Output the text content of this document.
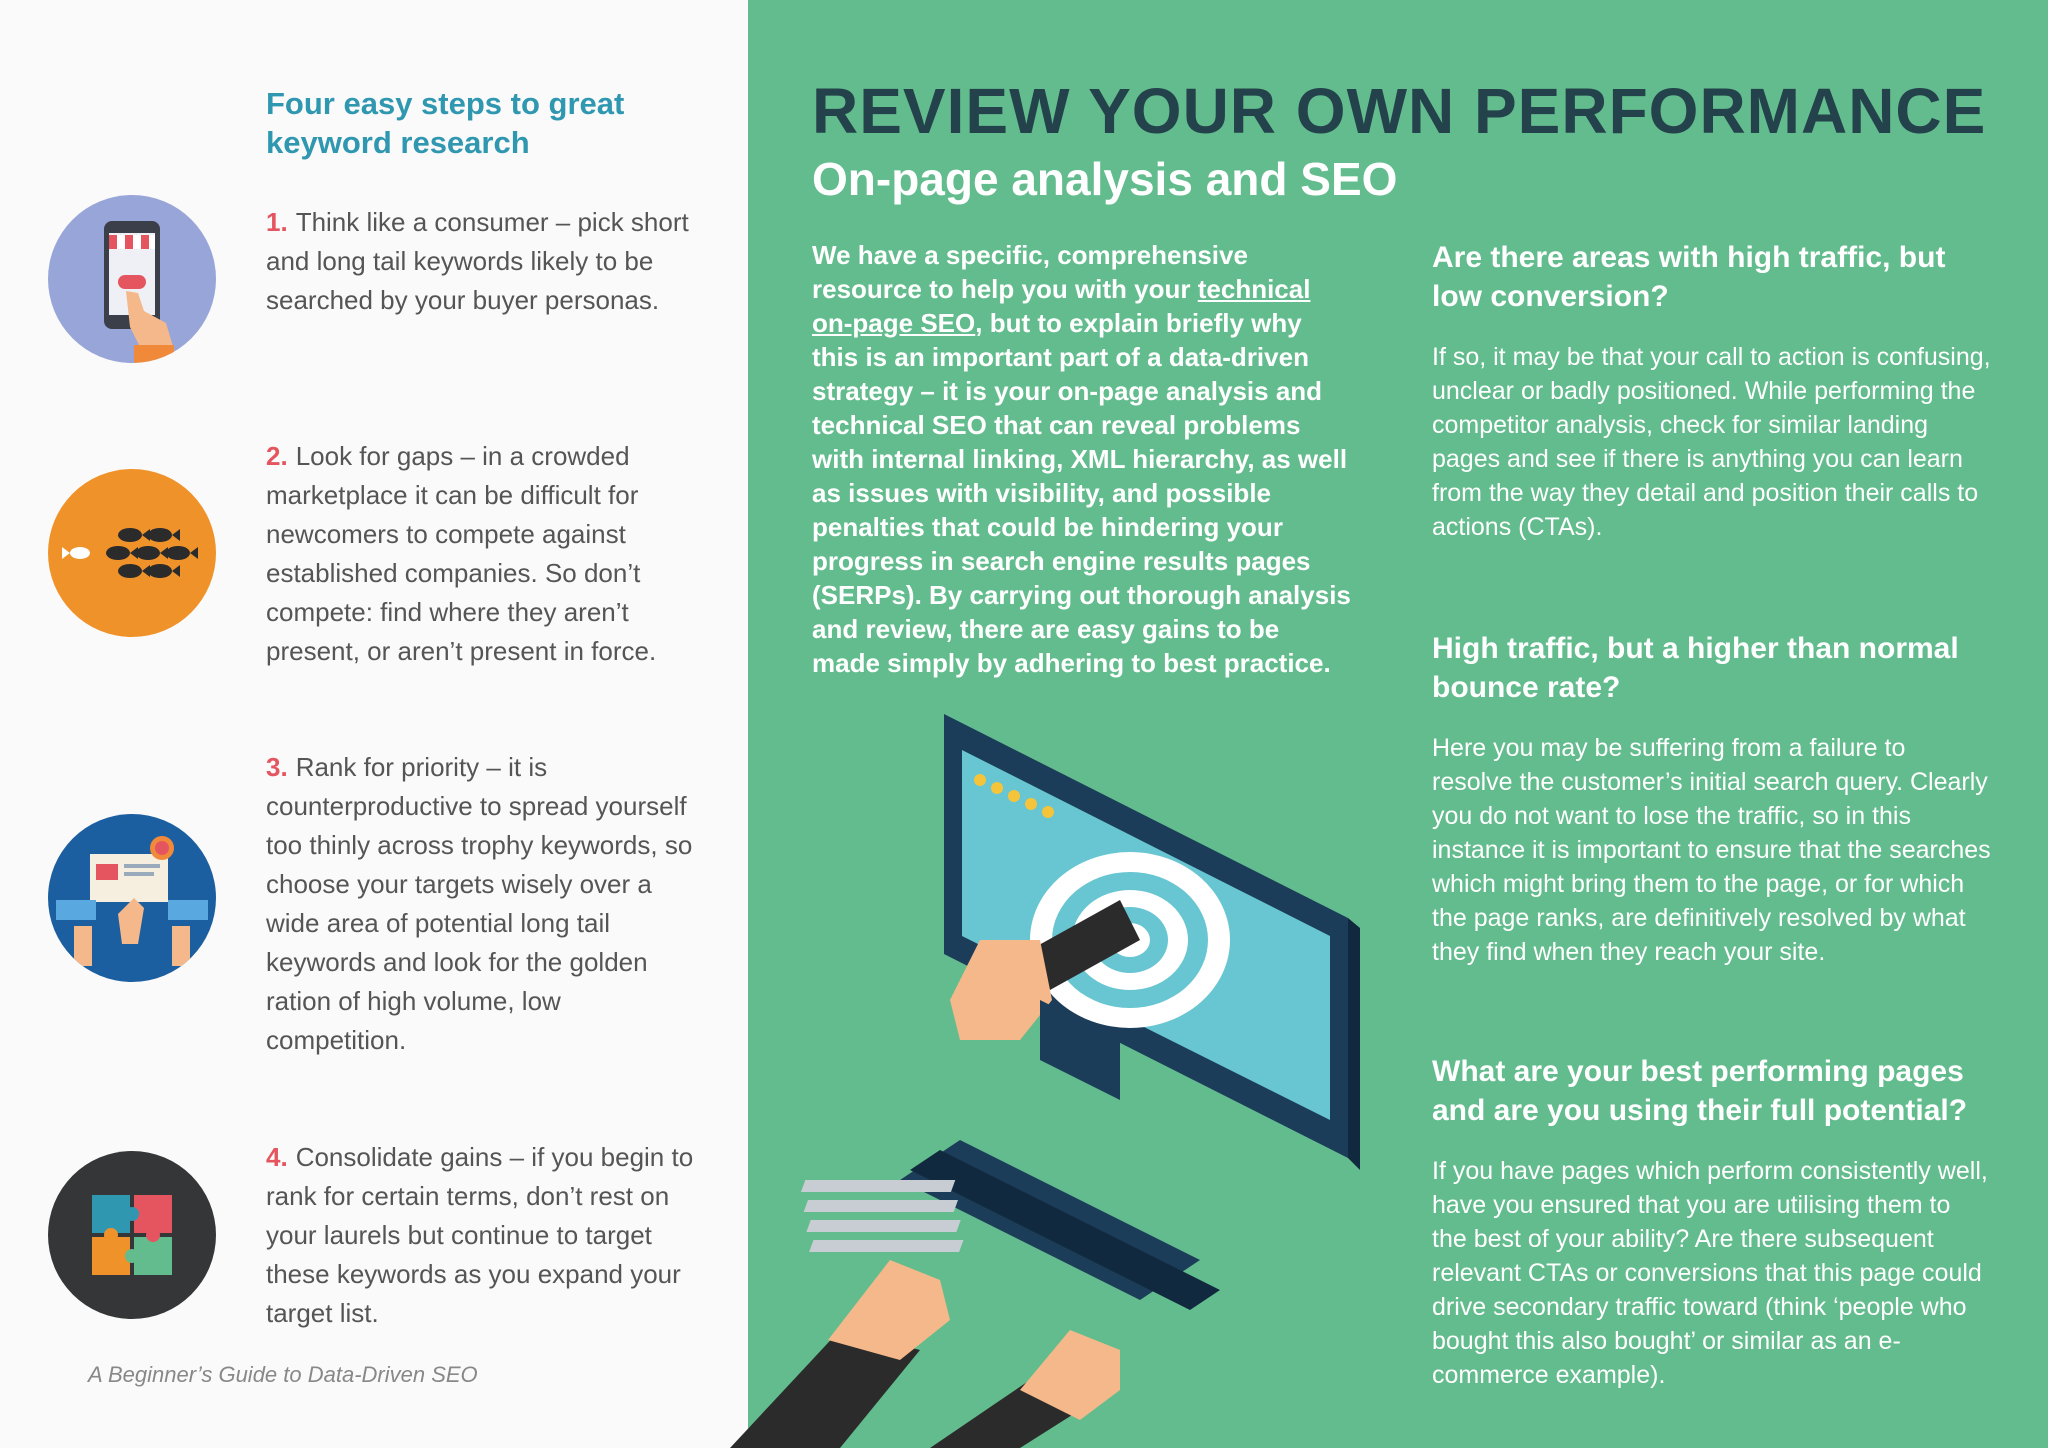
Four easy steps to great keyword research
1. Think like a consumer – pick short and long tail keywords likely to be searched by your buyer personas.
2. Look for gaps – in a crowded marketplace it can be difficult for newcomers to compete against established companies. So don’t compete: find where they aren’t present, or aren’t present in force.
3. Rank for priority – it is counterproductive to spread yourself too thinly across trophy keywords, so choose your targets wisely over a wide area of potential long tail keywords and look for the golden ration of high volume, low competition.
4. Consolidate gains – if you begin to rank for certain terms, don’t rest on your laurels but continue to target these keywords as you expand your target list.
A Beginner’s Guide to Data-Driven SEO
REVIEW YOUR OWN PERFORMANCE
On-page analysis and SEO
We have a specific, comprehensive resource to help you with your technical on-page SEO, but to explain briefly why this is an important part of a data-driven strategy – it is your on-page analysis and technical SEO that can reveal problems with internal linking, XML hierarchy, as well as issues with visibility, and possible penalties that could be hindering your progress in search engine results pages (SERPs). By carrying out thorough analysis and review, there are easy gains to be made simply by adhering to best practice.
Are there areas with high traffic, but low conversion?

If so, it may be that your call to action is confusing, unclear or badly positioned. While performing the competitor analysis, check for similar landing pages and see if there is anything you can learn from the way they detail and position their calls to actions (CTAs).

High traffic, but a higher than normal bounce rate?

Here you may be suffering from a failure to resolve the customer’s initial search query. Clearly you do not want to lose the traffic, so in this instance it is important to ensure that the searches which might bring them to the page, or for which the page ranks, are definitively resolved by what they find when they reach your site.

What are your best performing pages and are you using their full potential?

If you have pages which perform consistently well, have you ensured that you are utilising them to the best of your ability? Are there subsequent relevant CTAs or conversions that this page could drive secondary traffic toward (think ‘people who bought this also bought’ or similar as an e-commerce example).
